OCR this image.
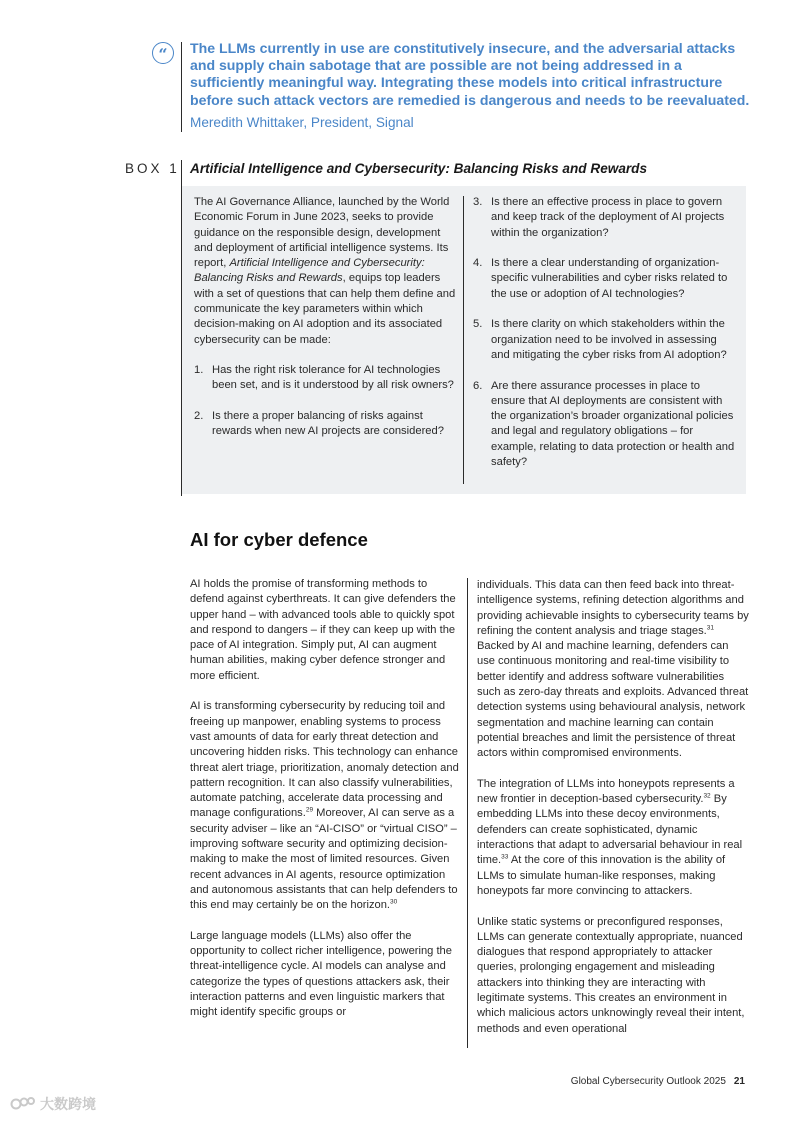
“	The LLMs currently in use are constitutively insecure, and the adversarial attacks and supply chain sabotage that are possible are not being addressed in a sufficiently meaningful way. Integrating these models into critical infrastructure before such attack vectors are remedied is dangerous and needs to be reevaluated.
Meredith Whittaker, President, Signal
BOX 1 Artificial Intelligence and Cybersecurity: Balancing Risks and Rewards

The AI Governance Alliance, launched by the World Economic Forum in June 2023, seeks to provide guidance on the responsible design, development and deployment of artificial intelligence systems. Its report, Artificial Intelligence and Cybersecurity: Balancing Risks and Rewards, equips top leaders with a set of questions that can help them define and communicate the key parameters within which decision-making on AI adoption and its associated cybersecurity can be made:

1. Has the right risk tolerance for AI technologies been set, and is it understood by all risk owners?
2. Is there a proper balancing of risks against rewards when new AI projects are considered?
3. Is there an effective process in place to govern and keep track of the deployment of AI projects within the organization?
4. Is there a clear understanding of organization-specific vulnerabilities and cyber risks related to the use or adoption of AI technologies?
5. Is there clarity on which stakeholders within the organization need to be involved in assessing and mitigating the cyber risks from AI adoption?
6. Are there assurance processes in place to ensure that AI deployments are consistent with the organization’s broader organizational policies and legal and regulatory obligations – for example, relating to data protection or health and safety?
AI for cyber defence

AI holds the promise of transforming methods to defend against cyberthreats. It can give defenders the upper hand – with advanced tools able to quickly spot and respond to dangers – if they can keep up with the pace of AI integration. Simply put, AI can augment human abilities, making cyber defence stronger and more efficient.

AI is transforming cybersecurity by reducing toil and freeing up manpower, enabling systems to process vast amounts of data for early threat detection and uncovering hidden risks. This technology can enhance threat alert triage, prioritization, anomaly detection and pattern recognition. It can also classify vulnerabilities, automate patching, accelerate data processing and manage configurations.$^{29}$ Moreover, AI can serve as a security adviser – like an “AI-CISO” or “virtual CISO” – improving software security and optimizing decision-making to make the most of limited resources. Given recent advances in AI agents, resource optimization and autonomous assistants that can help defenders to this end may certainly be on the horizon.$^{30}$

Large language models (LLMs) also offer the opportunity to collect richer intelligence, powering the threat-intelligence cycle. AI models can analyse and categorize the types of questions attackers ask, their interaction patterns and even linguistic markers that might identify specific groups or

individuals. This data can then feed back into threat-intelligence systems, refining detection algorithms and providing achievable insights to cybersecurity teams by refining the content analysis and triage stages.$^{31}$ Backed by AI and machine learning, defenders can use continuous monitoring and real-time visibility to better identify and address software vulnerabilities such as zero-day threats and exploits. Advanced threat detection systems using behavioural analysis, network segmentation and machine learning can contain potential breaches and limit the persistence of threat actors within compromised environments.

The integration of LLMs into honeypots represents a new frontier in deception-based cybersecurity.$^{32}$ By embedding LLMs into these decoy environments, defenders can create sophisticated, dynamic interactions that adapt to adversarial behaviour in real time.$^{33}$ At the core of this innovation is the ability of LLMs to simulate human-like responses, making honeypots far more convincing to attackers.

Unlike static systems or preconfigured responses, LLMs can generate contextually appropriate, nuanced dialogues that respond appropriately to attacker queries, prolonging engagement and misleading attackers into thinking they are interacting with legitimate systems. This creates an environment in which malicious actors unknowingly reveal their intent, methods and even operational

Global Cybersecurity Outlook 2025 21
大数跨境
